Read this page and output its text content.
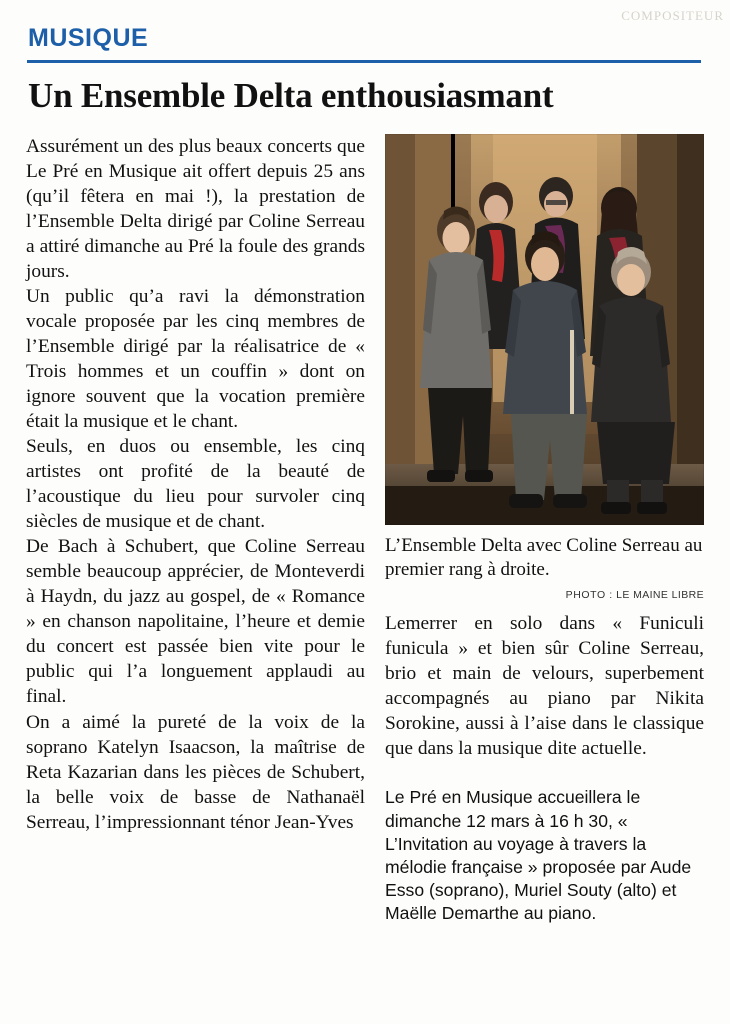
COMPOSITEUR
MUSIQUE
Un Ensemble Delta enthousiasmant

Assurément un des plus beaux concerts que Le Pré en Musique ait offert depuis 25 ans (qu’il fêtera en mai !), la prestation de l’Ensemble Delta dirigé par Coline Serreau a attiré dimanche au Pré la foule des grands jours.

Un public qu’a ravi la démonstration vocale proposée par les cinq membres de l’Ensemble dirigé par la réalisatrice de « Trois hommes et un couffin » dont on ignore souvent que la vocation première était la musique et le chant.

Seuls, en duos ou ensemble, les cinq artistes ont profité de la beauté de l’acoustique du lieu pour survoler cinq siècles de musique et de chant.

De Bach à Schubert, que Coline Serreau semble beaucoup apprécier, de Monteverdi à Haydn, du jazz au gospel, de « Romance » en chanson napolitaine, l’heure et demie du concert est passée bien vite pour le public qui l’a longuement applaudi au final.

On a aimé la pureté de la voix de la soprano Katelyn Isaacson, la maîtrise de Reta Kazarian dans les pièces de Schubert, la belle voix de basse de Nathanaël Serreau, l’impressionnant ténor Jean-Yves

L’Ensemble Delta avec Coline Serreau au premier rang à droite.
PHOTO : LE MAINE LIBRE

Lemerrer en solo dans « Funiculi funicula » et bien sûr Coline Serreau, brio et main de velours, superbement accompagnés au piano par Nikita Sorokine, aussi à l’aise dans le classique que dans la musique dite actuelle.

Le Pré en Musique accueillera le dimanche 12 mars à 16 h 30, « L’Invitation au voyage à travers la mélodie française » proposée par Aude Esso (soprano), Muriel Souty (alto) et Maëlle Demarthe au piano.
